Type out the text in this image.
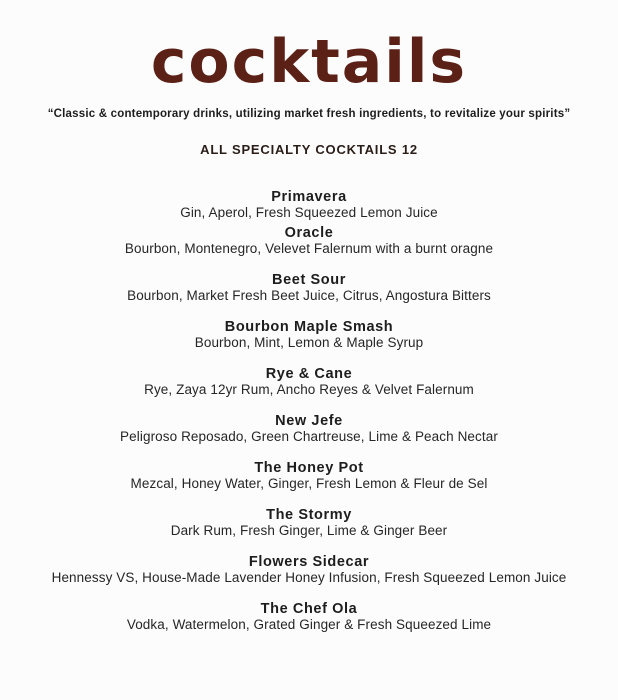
cocktails
“Classic & contemporary drinks, utilizing market fresh ingredients, to revitalize your spirits”
ALL SPECIALTY COCKTAILS 12
Primavera
Gin, Aperol, Fresh Squeezed Lemon Juice
Oracle
Bourbon, Montenegro, Velevet Falernum with a burnt oragne
Beet Sour
Bourbon, Market Fresh Beet Juice, Citrus, Angostura Bitters
Bourbon Maple Smash
Bourbon, Mint, Lemon & Maple Syrup
Rye & Cane
Rye, Zaya 12yr Rum, Ancho Reyes & Velvet Falernum
New Jefe
Peligroso Reposado, Green Chartreuse, Lime & Peach Nectar
The Honey Pot
Mezcal, Honey Water, Ginger, Fresh Lemon & Fleur de Sel
The Stormy
Dark Rum, Fresh Ginger, Lime & Ginger Beer
Flowers Sidecar
Hennessy VS, House-Made Lavender Honey Infusion, Fresh Squeezed Lemon Juice
The Chef Ola
Vodka, Watermelon, Grated Ginger & Fresh Squeezed Lime
